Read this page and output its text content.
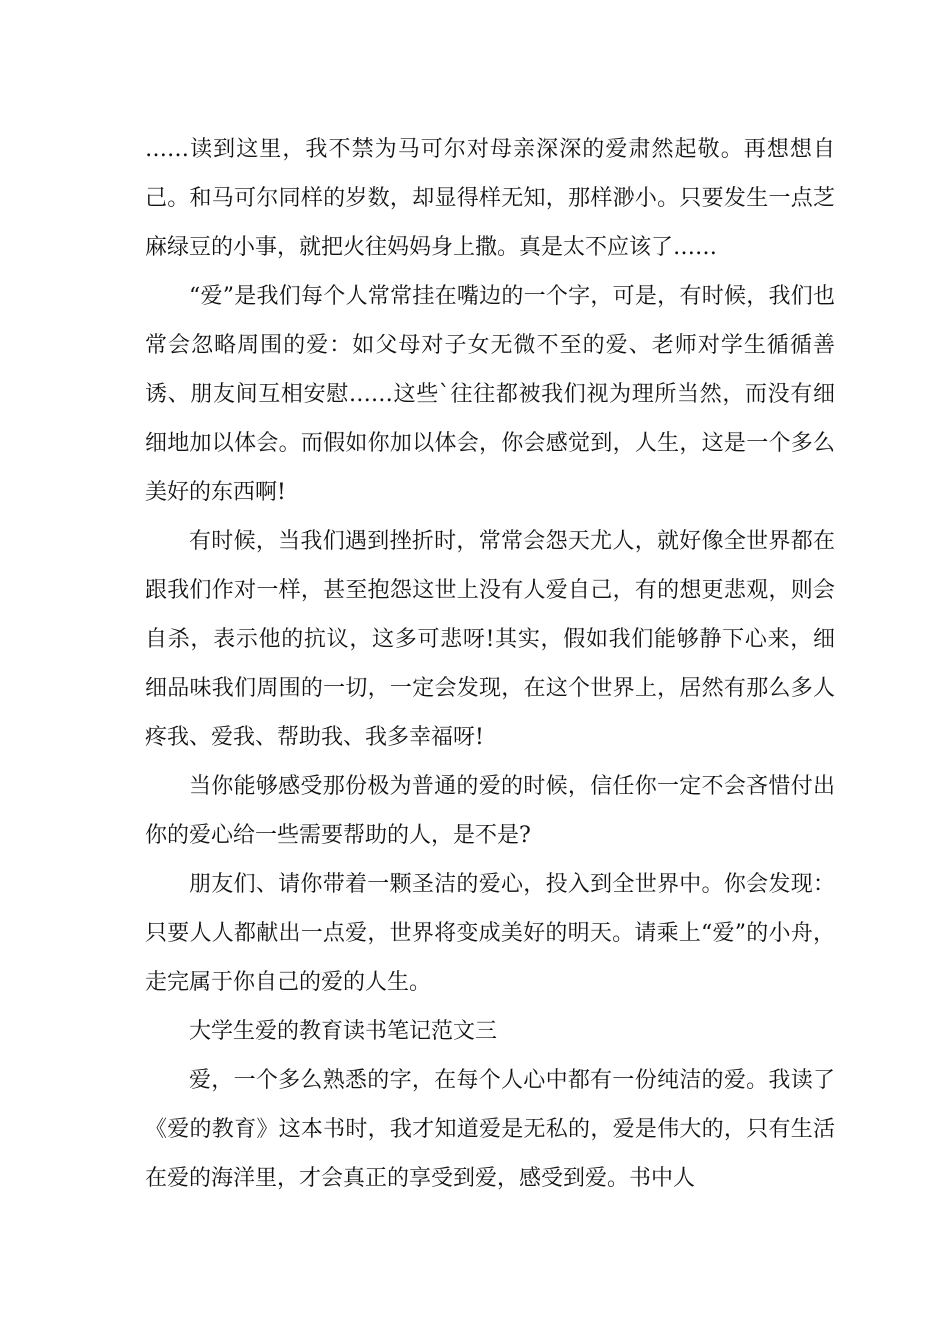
……读到这里，我不禁为马可尔对母亲深深的爱肃然起敬。再想想自己。和马可尔同样的岁数，却显得样无知，那样渺小。只要发生一点芝麻绿豆的小事，就把火往妈妈身上撒。真是太不应该了……

“爱”是我们每个人常常挂在嘴边的一个字，可是，有时候，我们也常会忽略周围的爱：如父母对子女无微不至的爱、老师对学生循循善诱、朋友间互相安慰……这些`往往都被我们视为理所当然，而没有细细地加以体会。而假如你加以体会，你会感觉到，人生，这是一个多么美好的东西啊!

有时候，当我们遇到挫折时，常常会怨天尤人，就好像全世界都在跟我们作对一样，甚至抱怨这世上没有人爱自己，有的想更悲观，则会自杀，表示他的抗议，这多可悲呀!其实，假如我们能够静下心来，细细品味我们周围的一切，一定会发现，在这个世界上，居然有那么多人疼我、爱我、帮助我、我多幸福呀!

当你能够感受那份极为普通的爱的时候，信任你一定不会吝惜付出你的爱心给一些需要帮助的人，是不是?

朋友们、请你带着一颗圣洁的爱心，投入到全世界中。你会发现：只要人人都献出一点爱，世界将变成美好的明天。请乘上“爱”的小舟，走完属于你自己的爱的人生。

大学生爱的教育读书笔记范文三

爱，一个多么熟悉的字，在每个人心中都有一份纯洁的爱。我读了《爱的教育》这本书时，我才知道爱是无私的，爱是伟大的，只有生活在爱的海洋里，才会真正的享受到爱，感受到爱。书中人
